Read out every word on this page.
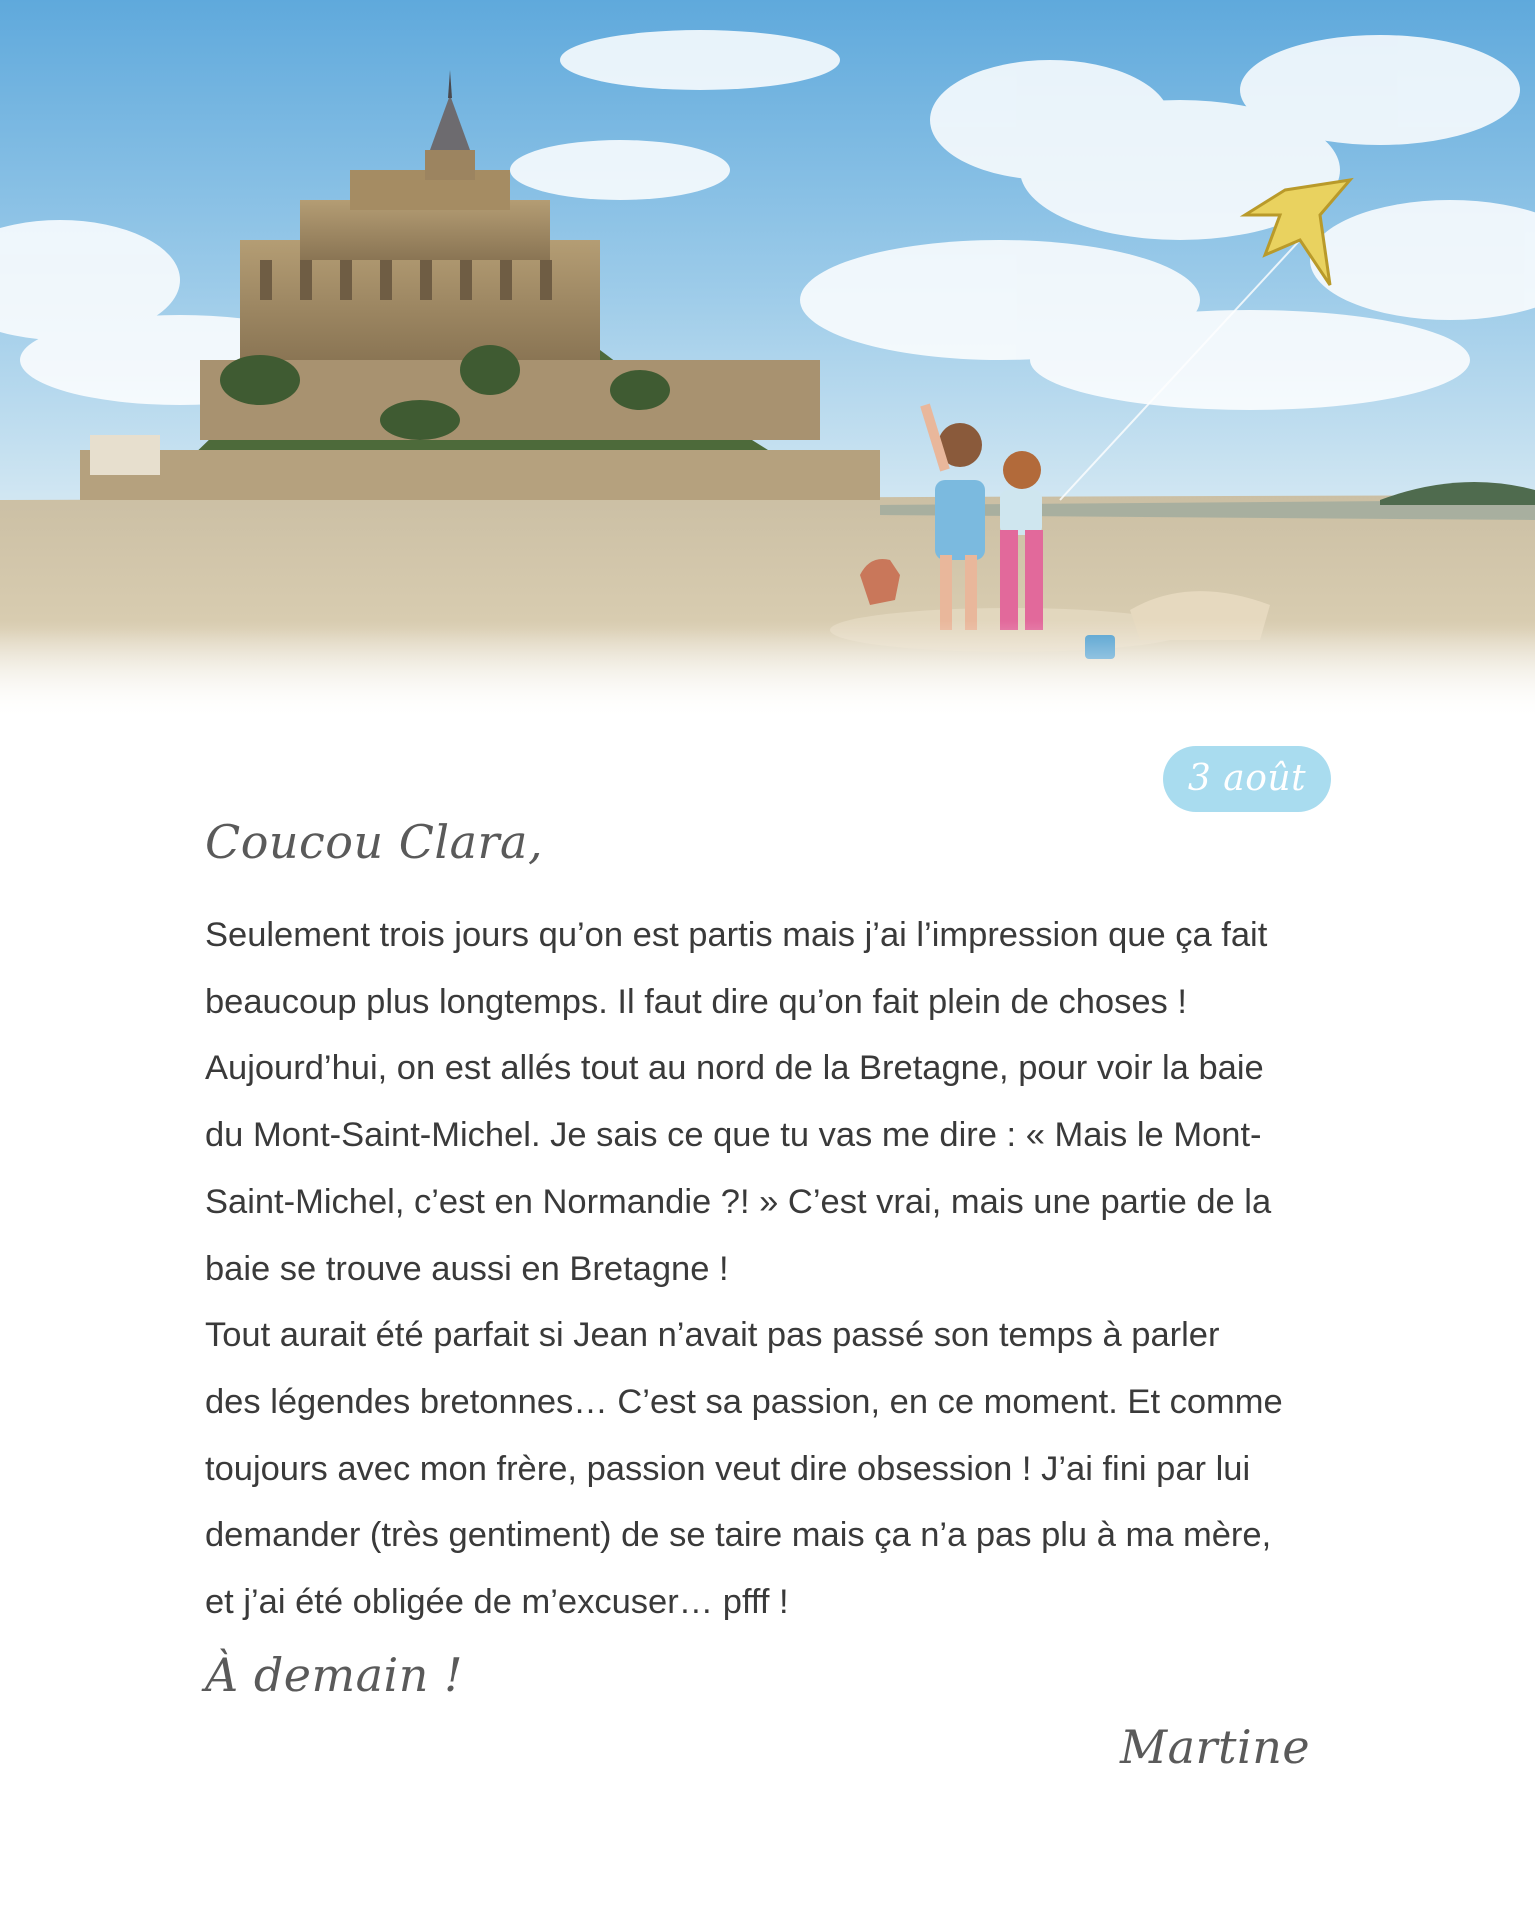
3 août
Coucou Clara,

Seulement trois jours qu’on est partis mais j’ai l’impression que ça fait
beaucoup plus longtemps. Il faut dire qu’on fait plein de choses !
Aujourd’hui, on est allés tout au nord de la Bretagne, pour voir la baie
du Mont-Saint-Michel. Je sais ce que tu vas me dire : « Mais le Mont-
Saint-Michel, c’est en Normandie ?! » C’est vrai, mais une partie de la
baie se trouve aussi en Bretagne !
Tout aurait été parfait si Jean n’avait pas passé son temps à parler
des légendes bretonnes… C’est sa passion, en ce moment. Et comme
toujours avec mon frère, passion veut dire obsession ! J’ai fini par lui
demander (très gentiment) de se taire mais ça n’a pas plu à ma mère,
et j’ai été obligée de m’excuser… pfff !

À demain !
Martine
